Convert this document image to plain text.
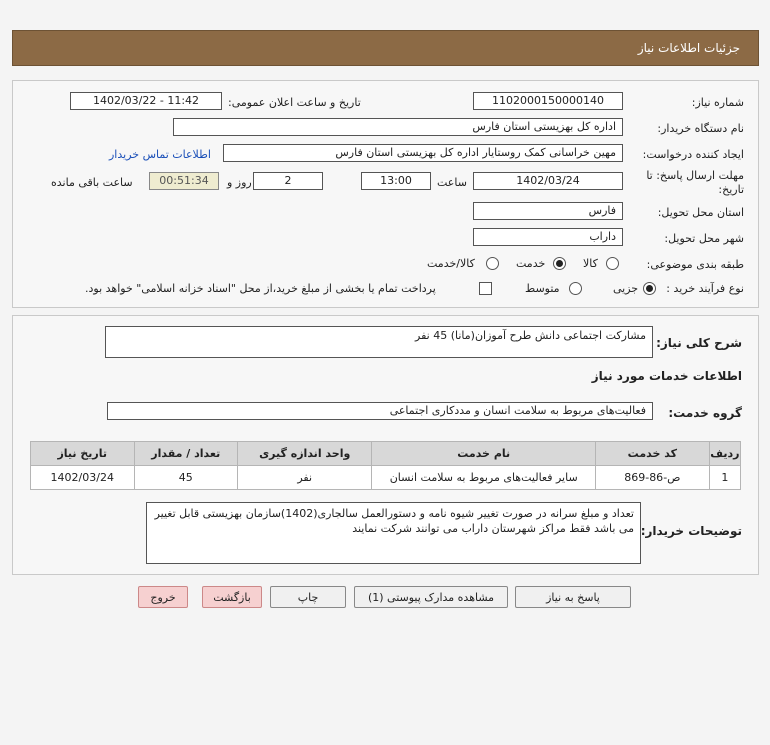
جزئیات اطلاعات نیاز
شماره نیاز:
1102000150000140
تاریخ و ساعت اعلان عمومی:
1402/03/22 - 11:42
نام دستگاه خریدار:
اداره کل بهزیستی استان فارس
ایجاد کننده درخواست:
مهین خراسانی کمک روستایار اداره کل بهزیستی استان فارس
اطلاعات تماس خریدار
مهلت ارسال پاسخ: تا
تاریخ:
1402/03/24
ساعت
13:00
2
روز و
00:51:34
ساعت باقی مانده
استان محل تحویل:
فارس
شهر محل تحویل:
داراب
طبقه بندی موضوعی:
کالا
خدمت
کالا/خدمت
نوع فرآیند خرید :
جزیی
متوسط
پرداخت تمام یا بخشی از مبلغ خرید،از محل "اسناد خزانه اسلامی" خواهد بود.
شرح کلی نیاز:
مشارکت اجتماعی دانش طرح آموزان(مانا) 45 نفر
اطلاعات خدمات مورد نیاز
گروه خدمت:
فعالیت‌های مربوط به سلامت انسان و مددکاری اجتماعی
ردیف	کد خدمت	نام خدمت	واحد اندازه گیری	تعداد / مقدار	تاریخ نیاز
1	ص-86-869	سایر فعالیت‌های مربوط به سلامت انسان	نفر	45	1402/03/24
توضیحات خریدار:
تعداد و مبلغ سرانه در صورت تغییر شیوه نامه و دستورالعمل سالجاری(1402)سازمان بهزیستی قابل تغییر می باشد فقط مراکز شهرستان داراب می توانند شرکت نمایند
پاسخ به نیاز
مشاهده مدارک پیوستی (1)
چاپ
بازگشت
خروج
